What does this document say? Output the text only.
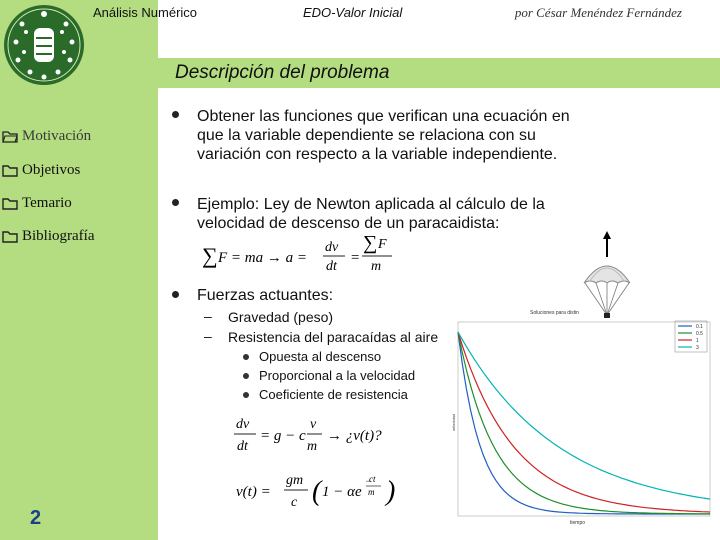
Análisis Numérico	EDO-Valor Inicial	por César Menéndez Fernández
Descripción del problema
Motivación
Objetivos
Temario
Bibliografía
2
Obtener las funciones que verifican una ecuación en
que la variable dependiente se relaciona con su
variación con respecto a la variable independiente.
Ejemplo: Ley de Newton aplicada al cálculo de la
velocidad de descenso de un paracaidista:
∑ F = ma → a =
dv
dt
=
∑ F
m
Fuerzas actuantes:
– Gravedad (peso)
– Resistencia del paracaídas al aire
Opuesta al descenso
Proporcional a la velocidad
Coeficiente de resistencia
dv
dt
= g − c
v
m
→ ¿v(t)?
v(t) =
gm
c ( 1 − αe
ct
−
m )
velocidad
tiempo
0.1
0.5
1
3
Soluciones para distin
